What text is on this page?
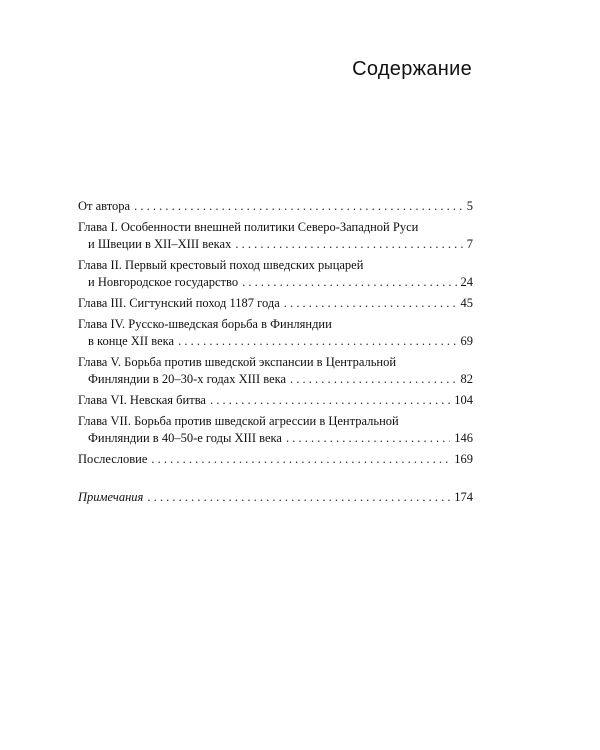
Содержание
От автора . . .	5
Глава I. Особенности внешней политики Северо-Западной Руси
и Швеции в XII–XIII веках . . .	7
Глава II. Первый крестовый поход шведских рыцарей
и Новгородское государство . . .	24
Глава III. Сигтунский поход 1187 года . . .	45
Глава IV. Русско-шведская борьба в Финляндии
в конце XII века . . .	69
Глава V. Борьба против шведской экспансии в Центральной
Финляндии в 20–30-х годах XIII века . . .	82
Глава VI. Невская битва . . .	104
Глава VII. Борьба против шведской агрессии в Центральной
Финляндии в 40–50-е годы XIII века . . .	146
Послесловие . . .	169
Примечания . . .	174
